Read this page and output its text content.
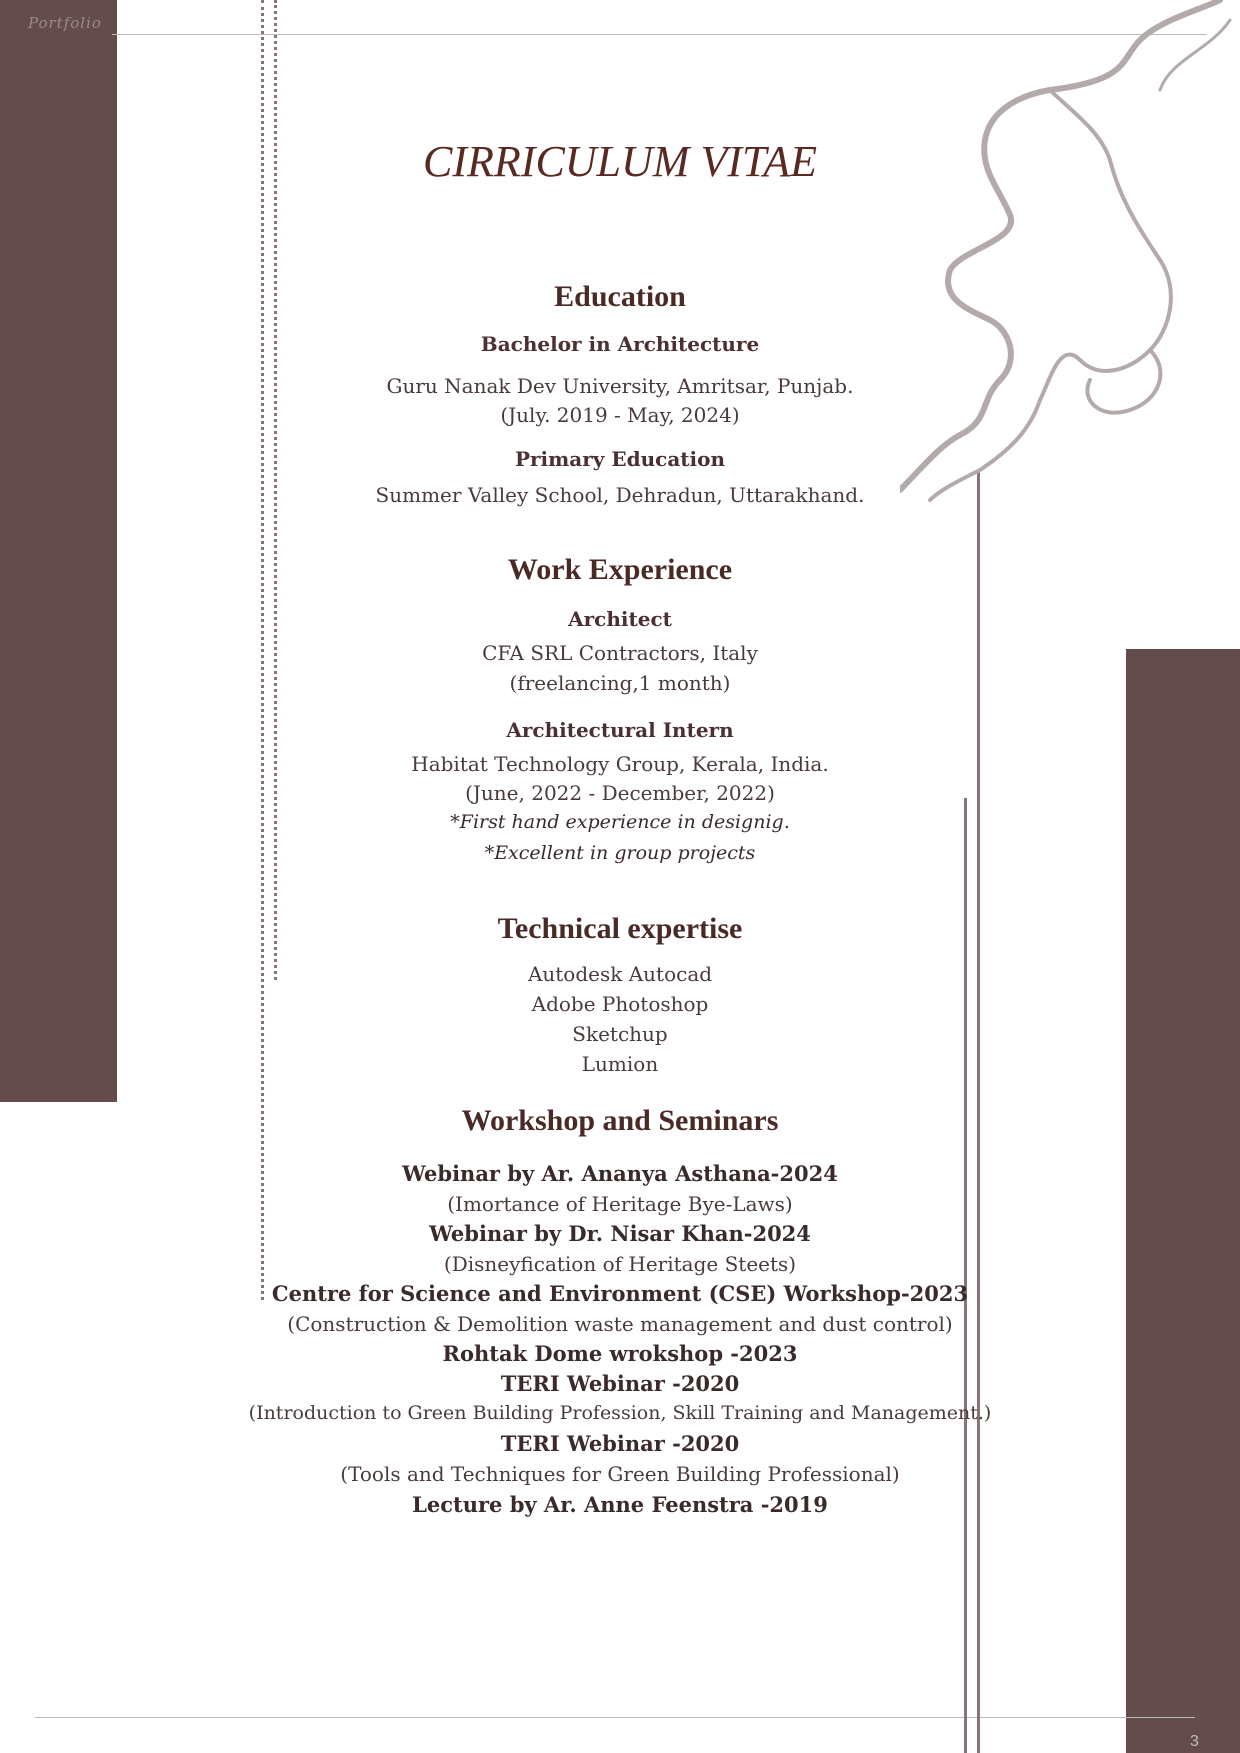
Portfolio
CIRRICULUM VITAE
Education
Bachelor in Architecture
Guru Nanak Dev University, Amritsar, Punjab.
(July. 2019 - May, 2024)
Primary Education
Summer Valley School, Dehradun, Uttarakhand.
Work Experience
Architect
CFA SRL Contractors, Italy
(freelancing,1 month)
Architectural Intern
Habitat Technology Group, Kerala, India.
(June, 2022 - December, 2022)
*First hand experience in designig.
*Excellent in group projects
Technical expertise
Autodesk Autocad
Adobe Photoshop
Sketchup
Lumion
Workshop and Seminars
Webinar by Ar. Ananya Asthana-2024
(Imortance of Heritage Bye-Laws)
Webinar by Dr. Nisar Khan-2024
(Disneyfication of Heritage Steets)
Centre for Science and Environment (CSE) Workshop-2023
(Construction & Demolition waste management and dust control)
Rohtak Dome wrokshop -2023
TERI Webinar -2020
(Introduction to Green Building Profession, Skill Training and Management.)
TERI Webinar -2020
(Tools and Techniques for Green Building Professional)
Lecture by Ar. Anne Feenstra -2019
3
